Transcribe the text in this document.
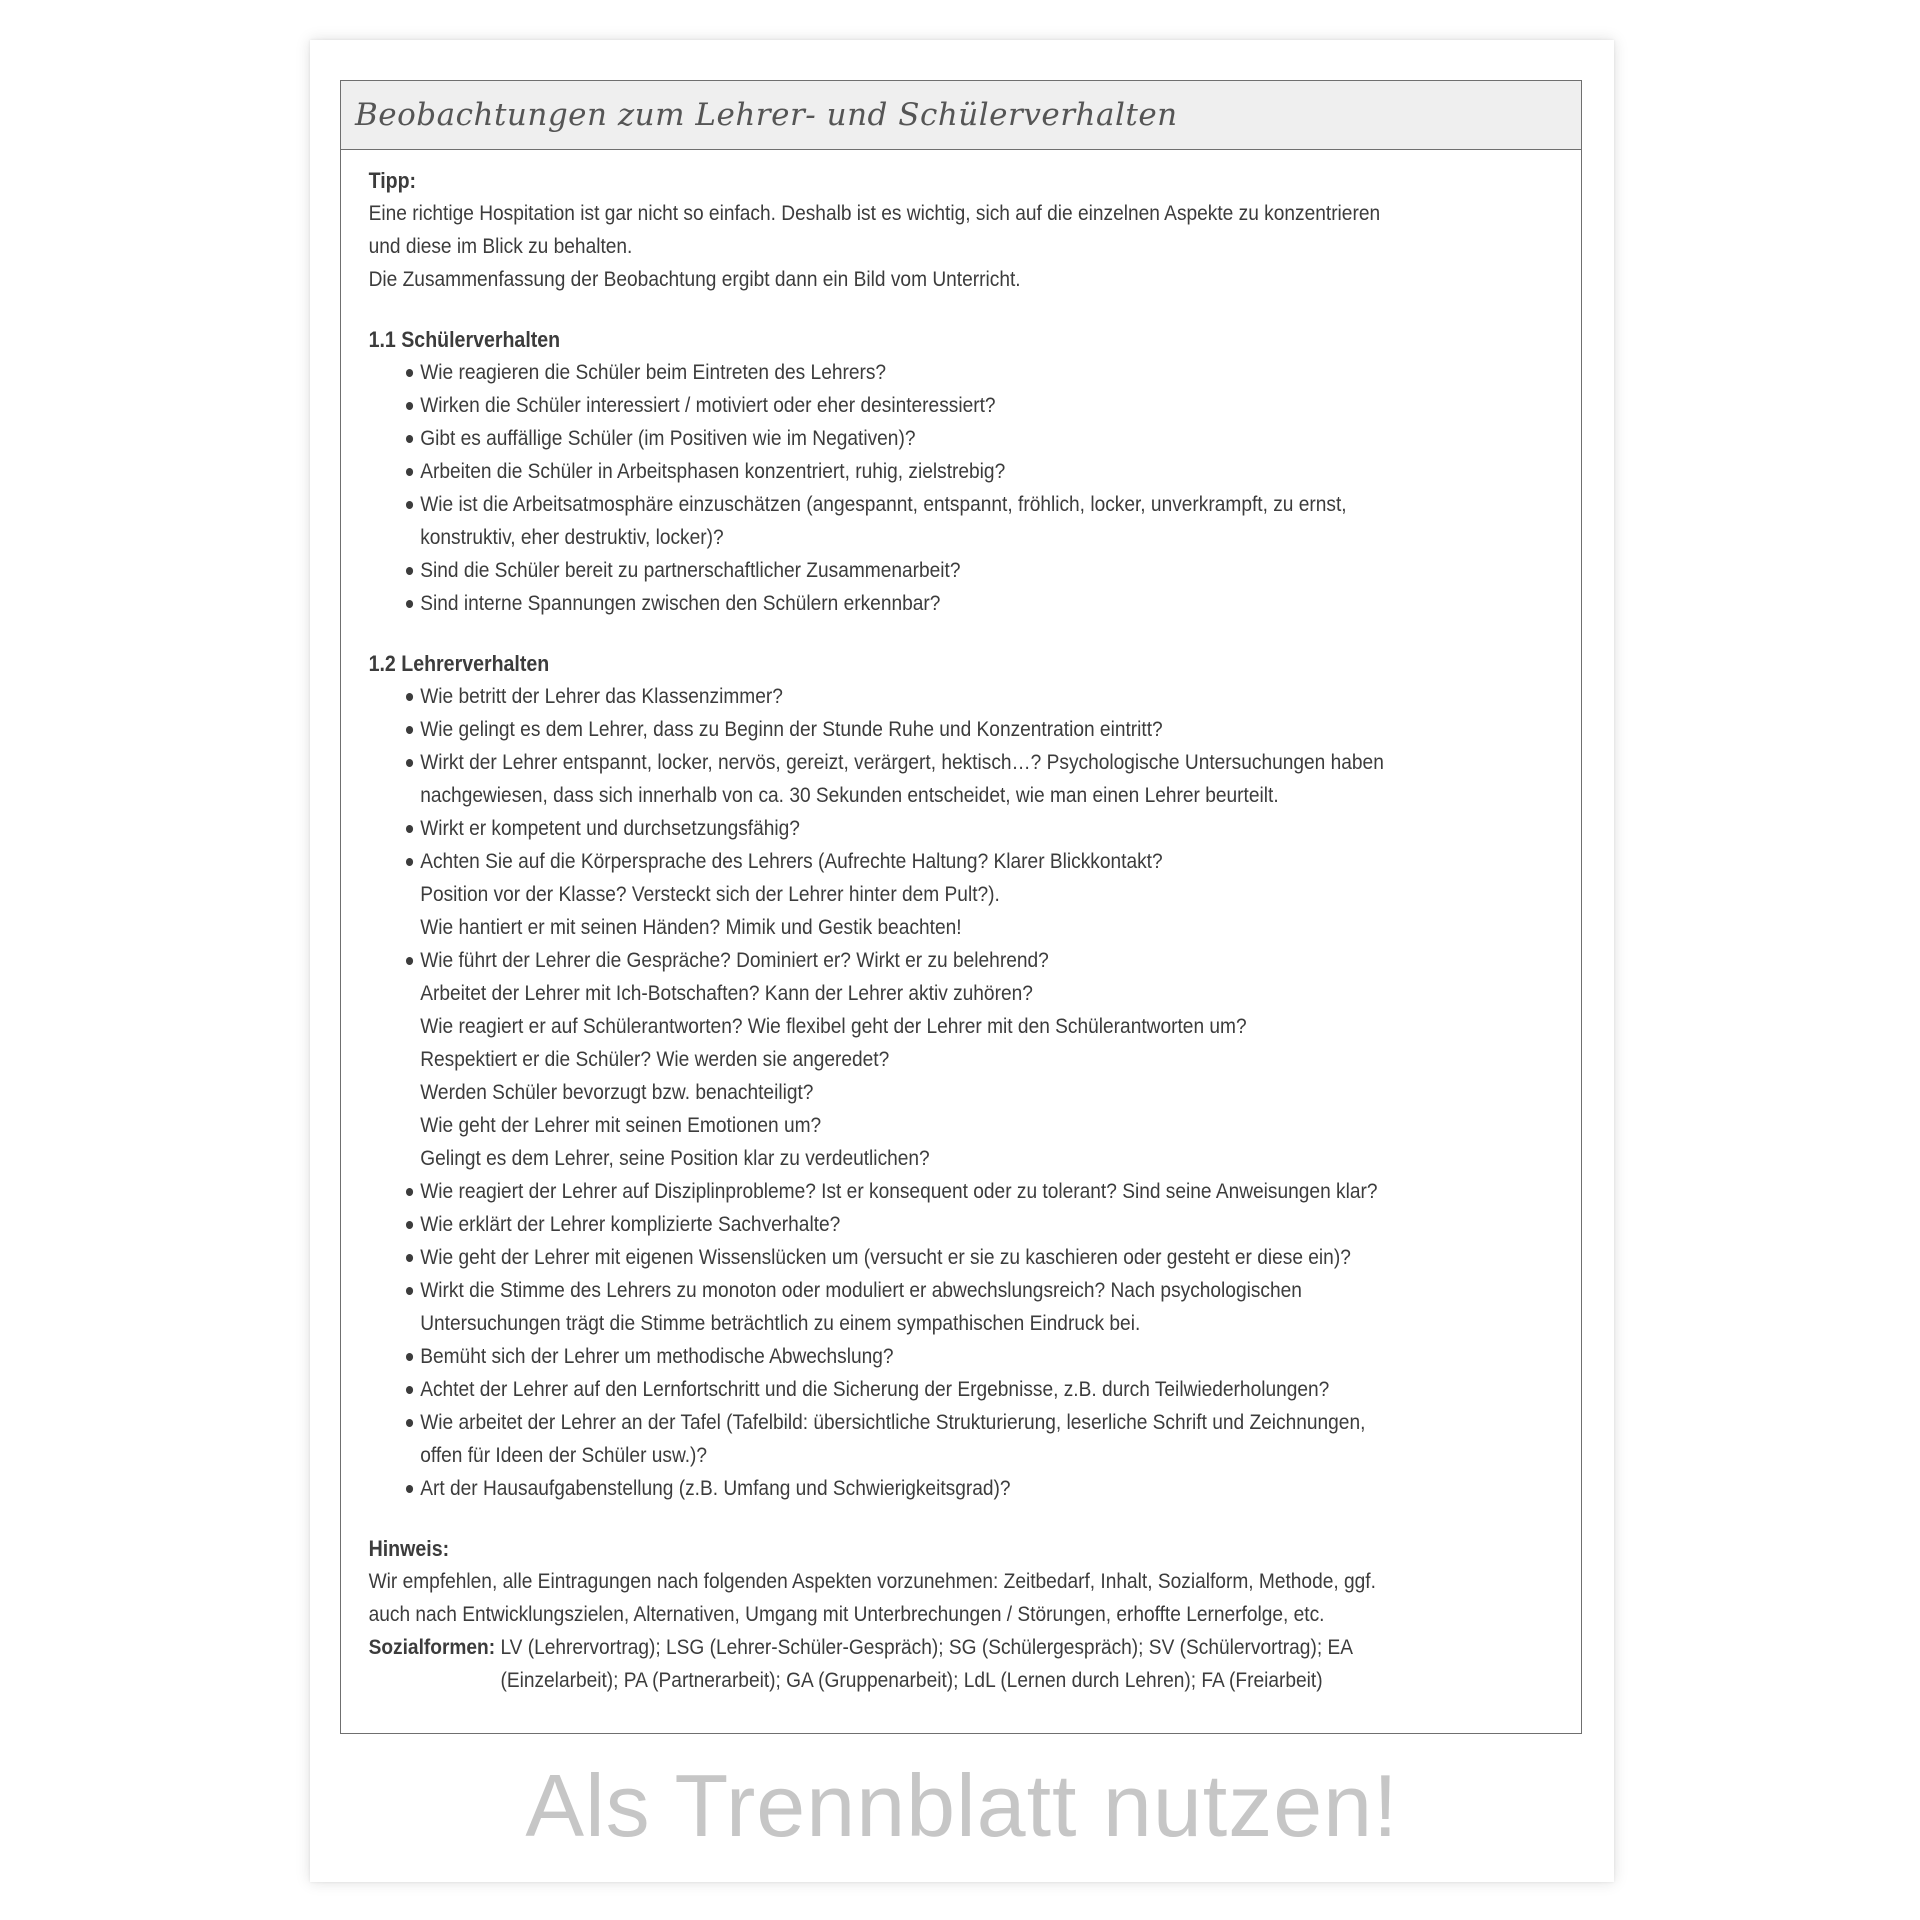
Beobachtungen zum Lehrer- und Schülerverhalten
Tipp:
Eine richtige Hospitation ist gar nicht so einfach. Deshalb ist es wichtig, sich auf die einzelnen Aspekte zu konzentrieren
und diese im Blick zu behalten.
Die Zusammenfassung der Beobachtung ergibt dann ein Bild vom Unterricht.
1.1 Schülerverhalten
Wie reagieren die Schüler beim Eintreten des Lehrers?
Wirken die Schüler interessiert / motiviert oder eher desinteressiert?
Gibt es auffällige Schüler (im Positiven wie im Negativen)?
Arbeiten die Schüler in Arbeitsphasen konzentriert, ruhig, zielstrebig?
Wie ist die Arbeitsatmosphäre einzuschätzen (angespannt, entspannt, fröhlich, locker, unverkrampft, zu ernst,
konstruktiv, eher destruktiv, locker)?
Sind die Schüler bereit zu partnerschaftlicher Zusammenarbeit?
Sind interne Spannungen zwischen den Schülern erkennbar?
1.2 Lehrerverhalten
Wie betritt der Lehrer das Klassenzimmer?
Wie gelingt es dem Lehrer, dass zu Beginn der Stunde Ruhe und Konzentration eintritt?
Wirkt der Lehrer entspannt, locker, nervös, gereizt, verärgert, hektisch…? Psychologische Untersuchungen haben
nachgewiesen, dass sich innerhalb von ca. 30 Sekunden entscheidet, wie man einen Lehrer beurteilt.
Wirkt er kompetent und durchsetzungsfähig?
Achten Sie auf die Körpersprache des Lehrers (Aufrechte Haltung? Klarer Blickkontakt?
Position vor der Klasse? Versteckt sich der Lehrer hinter dem Pult?).
Wie hantiert er mit seinen Händen? Mimik und Gestik beachten!
Wie führt der Lehrer die Gespräche? Dominiert er? Wirkt er zu belehrend?
Arbeitet der Lehrer mit Ich-Botschaften? Kann der Lehrer aktiv zuhören?
Wie reagiert er auf Schülerantworten? Wie flexibel geht der Lehrer mit den Schülerantworten um?
Respektiert er die Schüler? Wie werden sie angeredet?
Werden Schüler bevorzugt bzw. benachteiligt?
Wie geht der Lehrer mit seinen Emotionen um?
Gelingt es dem Lehrer, seine Position klar zu verdeutlichen?
Wie reagiert der Lehrer auf Disziplinprobleme? Ist er konsequent oder zu tolerant? Sind seine Anweisungen klar?
Wie erklärt der Lehrer komplizierte Sachverhalte?
Wie geht der Lehrer mit eigenen Wissenslücken um (versucht er sie zu kaschieren oder gesteht er diese ein)?
Wirkt die Stimme des Lehrers zu monoton oder moduliert er abwechslungsreich? Nach psychologischen
Untersuchungen trägt die Stimme beträchtlich zu einem sympathischen Eindruck bei.
Bemüht sich der Lehrer um methodische Abwechslung?
Achtet der Lehrer auf den Lernfortschritt und die Sicherung der Ergebnisse, z.B. durch Teilwiederholungen?
Wie arbeitet der Lehrer an der Tafel (Tafelbild: übersichtliche Strukturierung, leserliche Schrift und Zeichnungen,
offen für Ideen der Schüler usw.)?
Art der Hausaufgabenstellung (z.B. Umfang und Schwierigkeitsgrad)?
Hinweis:
Wir empfehlen, alle Eintragungen nach folgenden Aspekten vorzunehmen: Zeitbedarf, Inhalt, Sozialform, Methode, ggf.
auch nach Entwicklungszielen, Alternativen, Umgang mit Unterbrechungen / Störungen, erhoffte Lernerfolge, etc.
Sozialformen: LV (Lehrervortrag); LSG (Lehrer-Schüler-Gespräch); SG (Schülergespräch); SV (Schülervortrag); EA
(Einzelarbeit); PA (Partnerarbeit); GA (Gruppenarbeit); LdL (Lernen durch Lehren); FA (Freiarbeit)
Als Trennblatt nutzen!
